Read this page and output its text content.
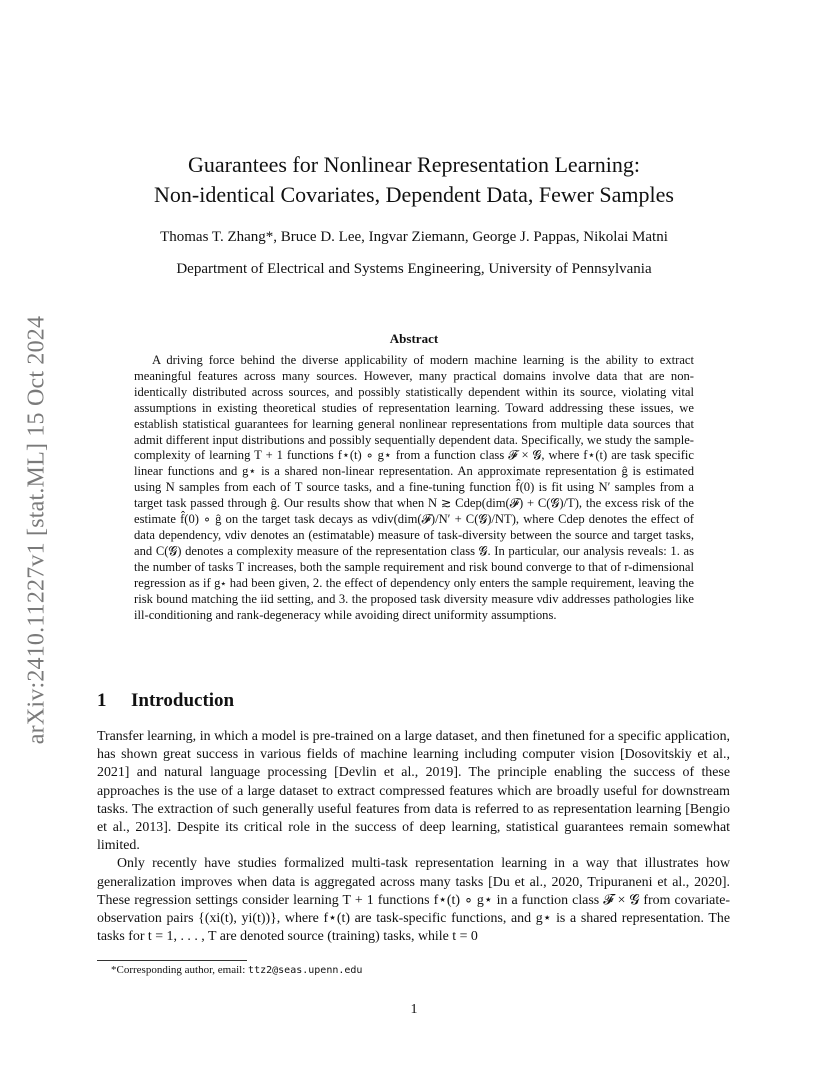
arXiv:2410.11227v1 [stat.ML] 15 Oct 2024
Guarantees for Nonlinear Representation Learning:
Non-identical Covariates, Dependent Data, Fewer Samples
Thomas T. Zhang*, Bruce D. Lee, Ingvar Ziemann, George J. Pappas, Nikolai Matni
Department of Electrical and Systems Engineering, University of Pennsylvania
Abstract
A driving force behind the diverse applicability of modern machine learning is the ability to extract meaningful features across many sources. However, many practical domains involve data that are non-identically distributed across sources, and possibly statistically dependent within its source, violating vital assumptions in existing theoretical studies of representation learning. Toward addressing these issues, we establish statistical guarantees for learning general nonlinear representations from multiple data sources that admit different input distributions and possibly sequentially dependent data. Specifically, we study the sample-complexity of learning T + 1 functions f⋆(t) ∘ g⋆ from a function class 𝓕 × 𝓖, where f⋆(t) are task specific linear functions and g⋆ is a shared non-linear representation. An approximate representation ĝ is estimated using N samples from each of T source tasks, and a fine-tuning function f̂(0) is fit using N′ samples from a target task passed through ĝ. Our results show that when N ≳ Cdep(dim(𝓕) + C(𝓖)/T), the excess risk of the estimate f̂(0) ∘ ĝ on the target task decays as νdiv(dim(𝓕)/N′ + C(𝓖)/NT), where Cdep denotes the effect of data dependency, νdiv denotes an (estimatable) measure of task-diversity between the source and target tasks, and C(𝓖) denotes a complexity measure of the representation class 𝓖. In particular, our analysis reveals: 1. as the number of tasks T increases, both the sample requirement and risk bound converge to that of r-dimensional regression as if g⋆ had been given, 2. the effect of dependency only enters the sample requirement, leaving the risk bound matching the iid setting, and 3. the proposed task diversity measure νdiv addresses pathologies like ill-conditioning and rank-degeneracy while avoiding direct uniformity assumptions.
1 Introduction

Transfer learning, in which a model is pre-trained on a large dataset, and then finetuned for a specific application, has shown great success in various fields of machine learning including computer vision [Dosovitskiy et al., 2021] and natural language processing [Devlin et al., 2019]. The principle enabling the success of these approaches is the use of a large dataset to extract compressed features which are broadly useful for downstream tasks. The extraction of such generally useful features from data is referred to as representation learning [Bengio et al., 2013]. Despite its critical role in the success of deep learning, statistical guarantees remain somewhat limited.

Only recently have studies formalized multi-task representation learning in a way that illustrates how generalization improves when data is aggregated across many tasks [Du et al., 2020, Tripuraneni et al., 2020]. These regression settings consider learning T + 1 functions f⋆(t) ∘ g⋆ in a function class 𝓕 × 𝓖 from covariate-observation pairs {(xi(t), yi(t))}, where f⋆(t) are task-specific functions, and g⋆ is a shared representation. The tasks for t = 1, . . . , T are denoted source (training) tasks, while t = 0

*Corresponding author, email: ttz2@seas.upenn.edu
1
